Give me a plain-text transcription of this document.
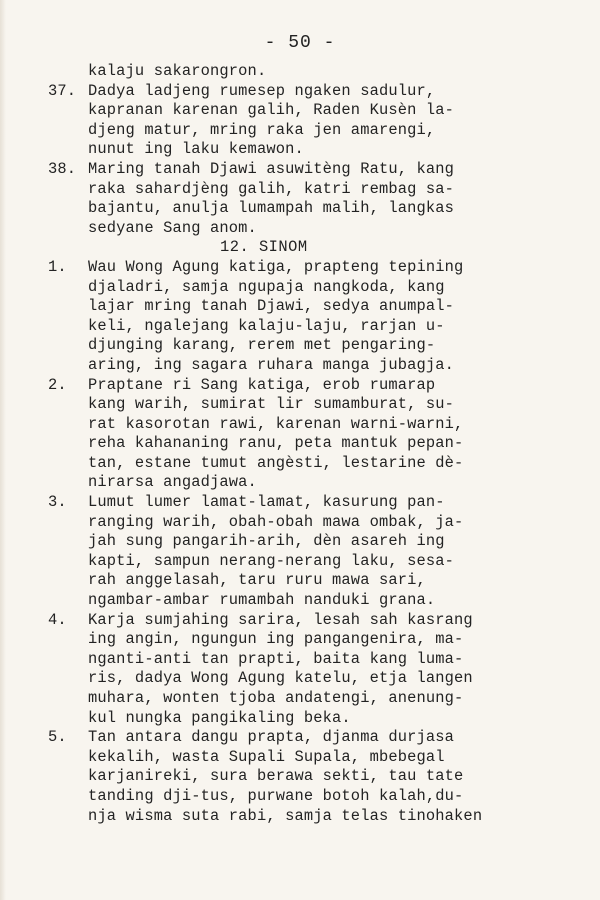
- 50 -
kalaju sakarongron.
37. Dadya ladjeng rumesep ngaken sadulur,
kapranan karenan galih, Raden Kusèn la-
djeng matur, mring raka jen amarengi,
nunut ing laku kemawon.
38. Maring tanah Djawi asuwitèng Ratu, kang
raka sahardjèng galih, katri rembag sa-
bajantu, anulja lumampah malih, langkas
sedyane Sang anom.
12. SINOM
1. Wau Wong Agung katiga, prapteng tepining
djaladri, samja ngupaja nangkoda, kang
lajar mring tanah Djawi, sedya anumpal-
keli, ngalejang kalaju-laju, rarjan u-
djunging karang, rerem met pengaring-
aring, ing sagara ruhara manga jubagja.
2. Praptane ri Sang katiga, erob rumarap
kang warih, sumirat lir sumamburat, su-
rat kasorotan rawi, karenan warni-warni,
reha kahananing ranu, peta mantuk pepan-
tan, estane tumut angèsti, lestarine dè-
nirarsa angadjawa.
3. Lumut lumer lamat-lamat, kasurung pan-
ranging warih, obah-obah mawa ombak, ja-
jah sung pangarih-arih, dèn asareh ing
kapti, sampun nerang-nerang laku, sesa-
rah anggelasah, taru ruru mawa sari,
ngambar-ambar rumambah nanduki grana.
4. Karja sumjahing sarira, lesah sah kasrang
ing angin, ngungun ing pangangenira, ma-
nganti-anti tan prapti, baita kang luma-
ris, dadya Wong Agung katelu, etja langen
muhara, wonten tjoba andatengi, anenung-
kul nungka pangikaling beka.
5. Tan antara dangu prapta, djanma durjasa
kekalih, wasta Supali Supala, mbebegal
karjanireki, sura berawa sekti, tau tate
tanding dji-tus, purwane botoh kalah,du-
nja wisma suta rabi, samja telas tinohaken
